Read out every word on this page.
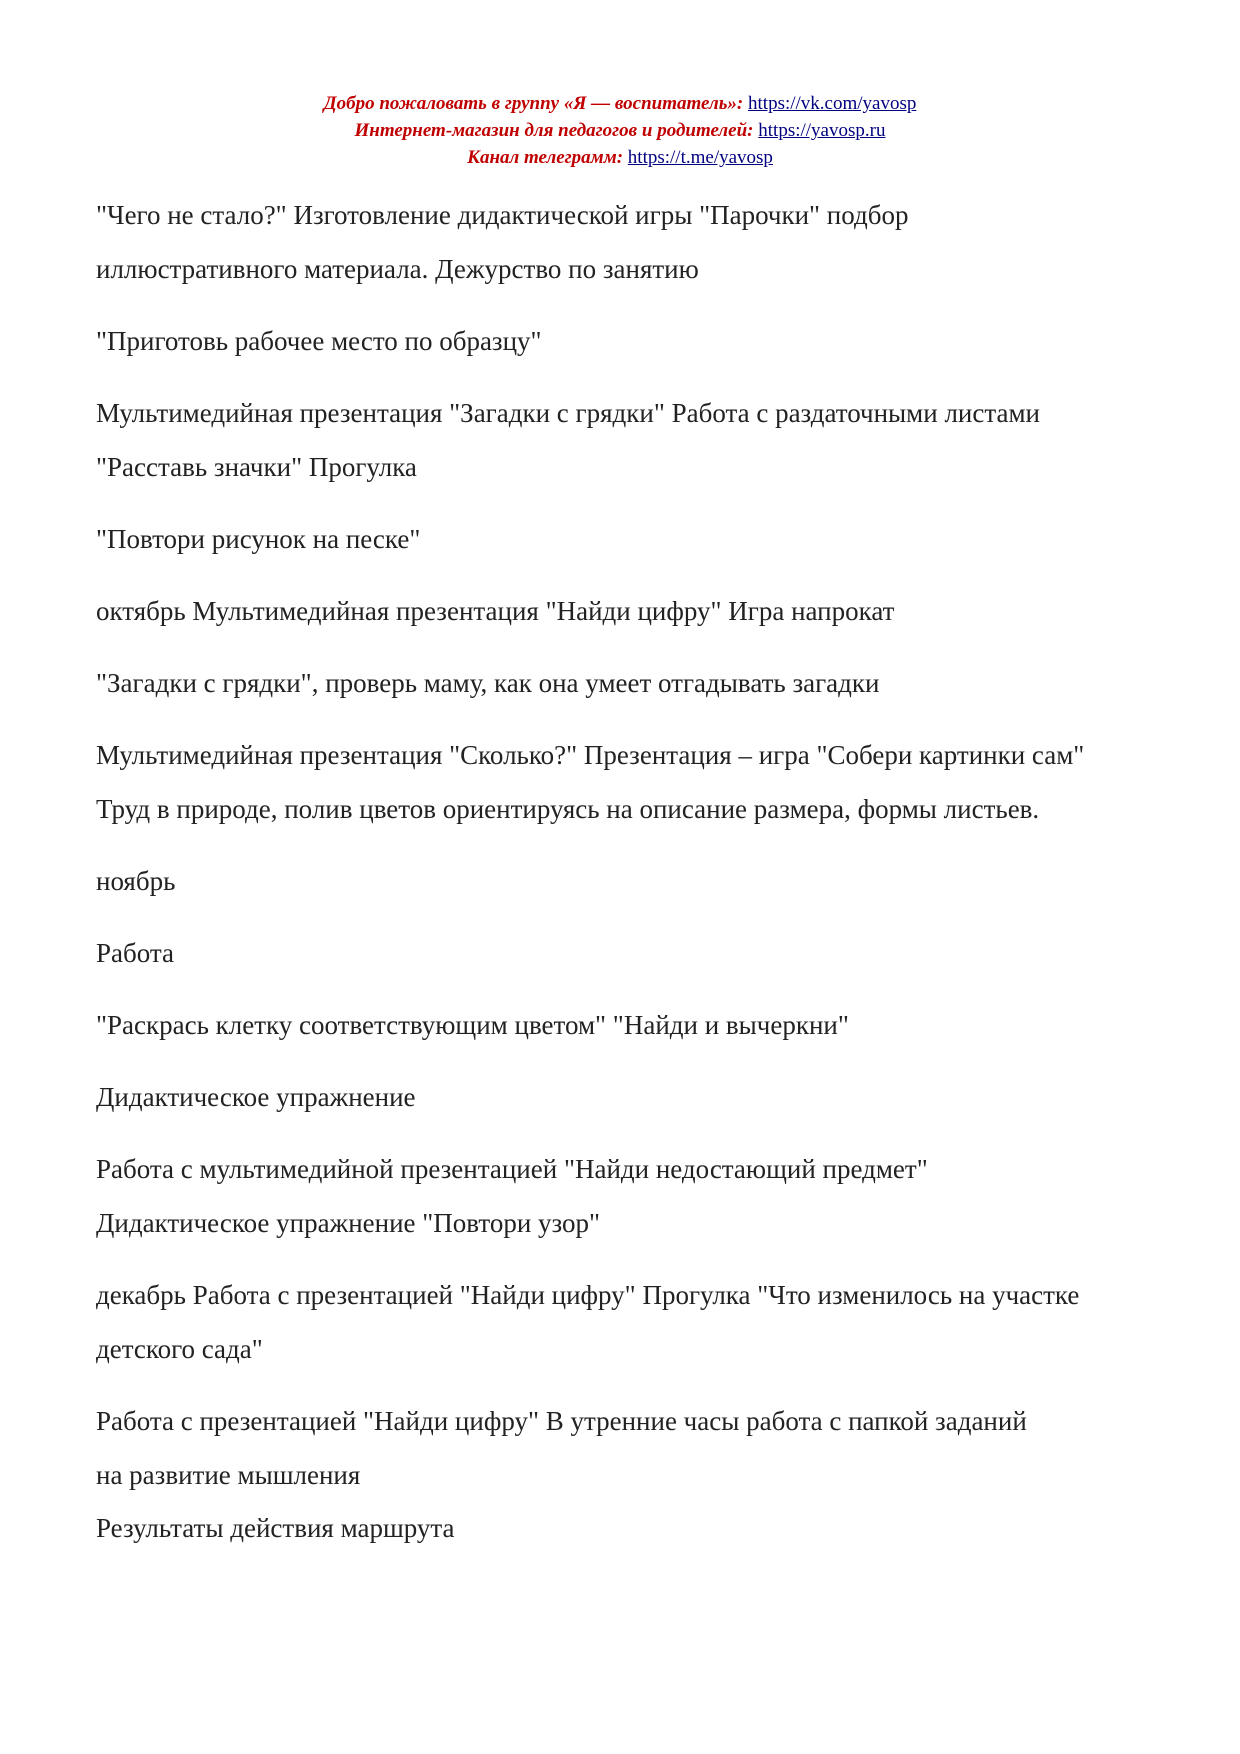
Добро пожаловать в группу «Я — воспитатель»: https://vk.com/yavosp
Интернет-магазин для педагогов и родителей: https://yavosp.ru
Канал телеграмм: https://t.me/yavosp
"Чего не стало?" Изготовление дидактической игры "Парочки" подбор
иллюстративного материала. Дежурство по занятию
"Приготовь рабочее место по образцу"
Мультимедийная презентация "Загадки с грядки" Работа с раздаточными листами
"Расставь значки" Прогулка
"Повтори рисунок на песке"
октябрь Мультимедийная презентация "Найди цифру" Игра напрокат
"Загадки с грядки", проверь маму, как она умеет отгадывать загадки
Мультимедийная презентация "Сколько?" Презентация – игра "Собери картинки сам"
Труд в природе, полив цветов ориентируясь на описание размера, формы листьев.
ноябрь
Работа
"Раскрась клетку соответствующим цветом" "Найди и вычеркни"
Дидактическое упражнение
Работа с мультимедийной презентацией "Найди недостающий предмет"
Дидактическое упражнение "Повтори узор"
декабрь Работа с презентацией "Найди цифру" Прогулка "Что изменилось на участке
детского сада"
Работа с презентацией "Найди цифру" В утренние часы работа с папкой заданий
на развитие мышления
Результаты действия маршрута
